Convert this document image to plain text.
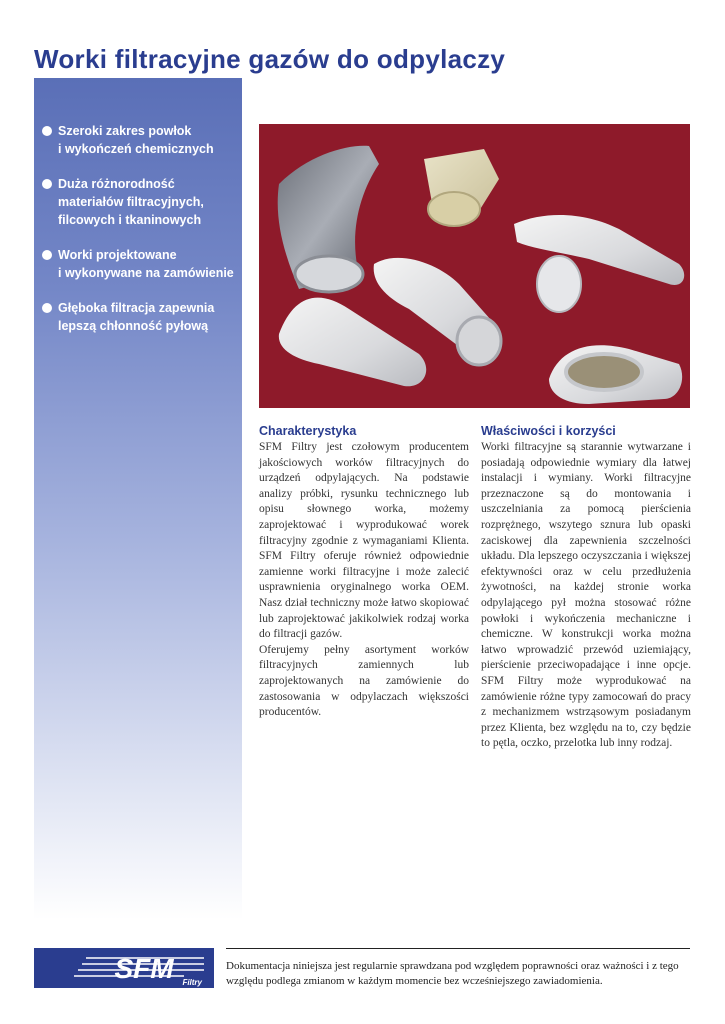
Worki filtracyjne gazów do odpylaczy
Szeroki zakres powłok
i wykończeń chemicznych
Duża różnorodność
materiałów filtracyjnych,
filcowych i tkaninowych
Worki projektowane
i wykonywane na zamówienie
Głęboka filtracja zapewnia
lepszą chłonność pyłową
Charakterystyka

SFM Filtry jest czołowym producentem jakościowych worków filtracyjnych do urządzeń odpylających. Na podstawie analizy próbki, rysunku technicznego lub opisu słownego worka, możemy zaprojektować i wyprodukować worek filtracyjny zgodnie z wymaganiami Klienta. SFM Filtry oferuje również odpowiednie zamienne worki filtracyjne i może zalecić usprawnienia oryginalnego worka OEM. Nasz dział techniczny może łatwo skopiować lub zaprojektować jakikolwiek rodzaj worka do filtracji gazów.

Oferujemy pełny asortyment worków filtracyjnych zamiennych lub zaprojektowanych na zamówienie do zastosowania w odpylaczach większości producentów.

Właściwości i korzyści

Worki filtracyjne są starannie wytwarzane i posiadają odpowiednie wymiary dla łatwej instalacji i wymiany. Worki filtracyjne przeznaczone są do montowania i uszczelniania za pomocą pierścienia rozprężnego, wszytego sznura lub opaski zaciskowej dla zapewnienia szczelności układu. Dla lepszego oczyszczania i większej efektywności oraz w celu przedłużenia żywotności, na każdej stronie worka odpylającego pył można stosować różne powłoki i wykończenia mechaniczne i chemiczne. W konstrukcji worka można łatwo wprowadzić przewód uziemiający, pierścienie przeciwopadające i inne opcje. SFM Filtry może wyprodukować na zamówienie różne typy zamocowań do pracy z mechanizmem wstrząsowym posiadanym przez Klienta, bez względu na to, czy będzie to pętla, oczko, przelotka lub inny rodzaj.

SFM Filtry

Dokumentacja niniejsza jest regularnie sprawdzana pod względem poprawności oraz ważności i z tego względu podlega zmianom w każdym momencie bez wcześniejszego zawiadomienia.
